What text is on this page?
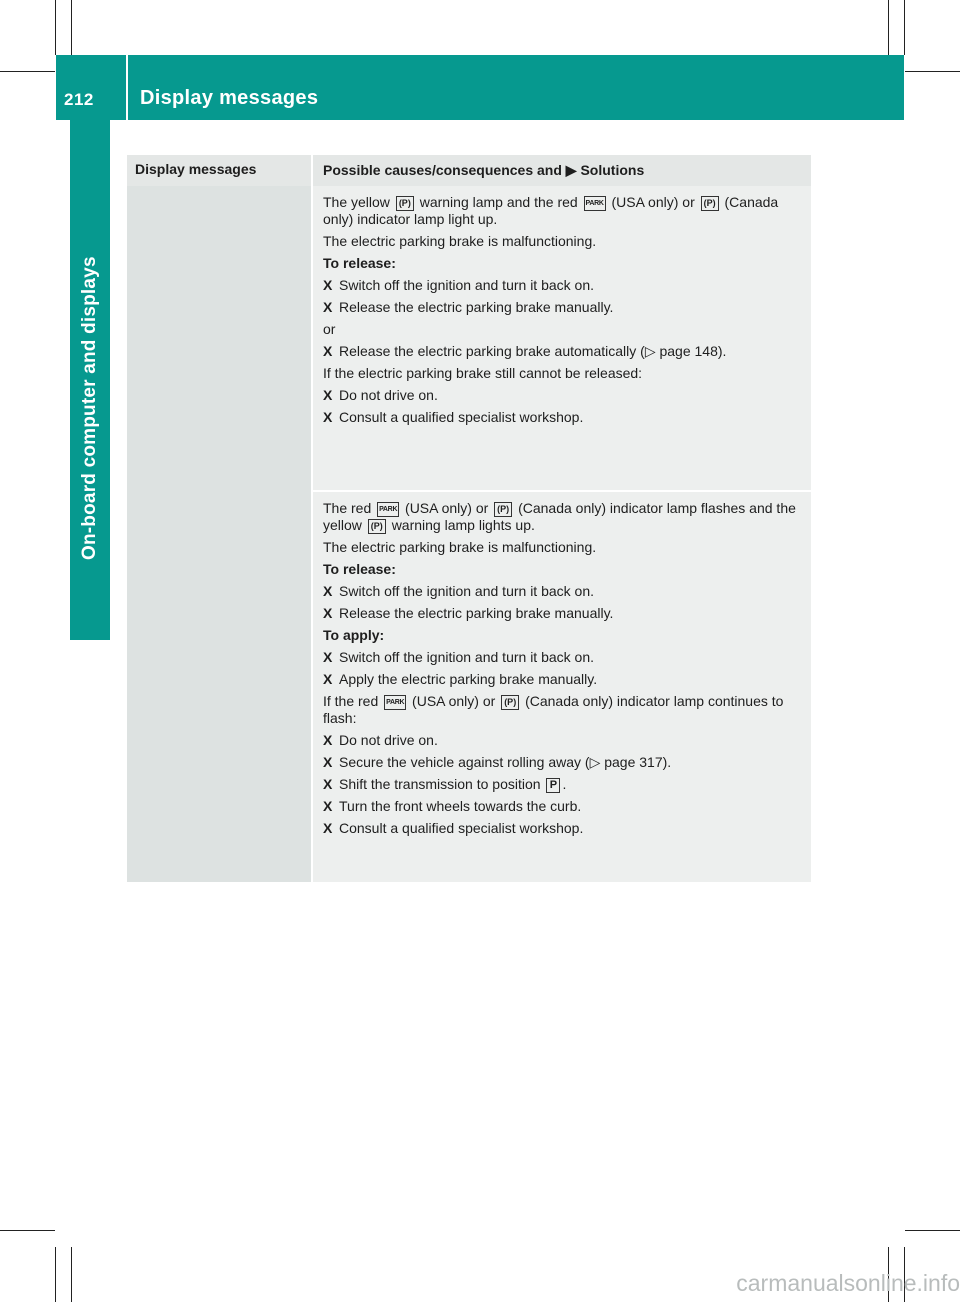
212 Display messages
On-board computer and displays
Display messages	Possible causes/consequences and ▶ Solutions

The yellow (P) warning lamp and the red PARK (USA only) or (P) (Canada only) indicator lamp light up.

The electric parking brake is malfunctioning.

To release:

X Switch off the ignition and turn it back on.
X Release the electric parking brake manually.

or

X Release the electric parking brake automatically (▷ page 148).

If the electric parking brake still cannot be released:

X Do not drive on.
X Consult a qualified specialist workshop.

The red PARK (USA only) or (P) (Canada only) indicator lamp flashes and the yellow (P) warning lamp lights up.

The electric parking brake is malfunctioning.

To release:

X Switch off the ignition and turn it back on.
X Release the electric parking brake manually.

To apply:

X Switch off the ignition and turn it back on.
X Apply the electric parking brake manually.

If the red PARK (USA only) or (P) (Canada only) indicator lamp continues to flash:

X Do not drive on.
X Secure the vehicle against rolling away (▷ page 317).
X Shift the transmission to position P .
X Turn the front wheels towards the curb.
X Consult a qualified specialist workshop.
carmanualsonline.info
